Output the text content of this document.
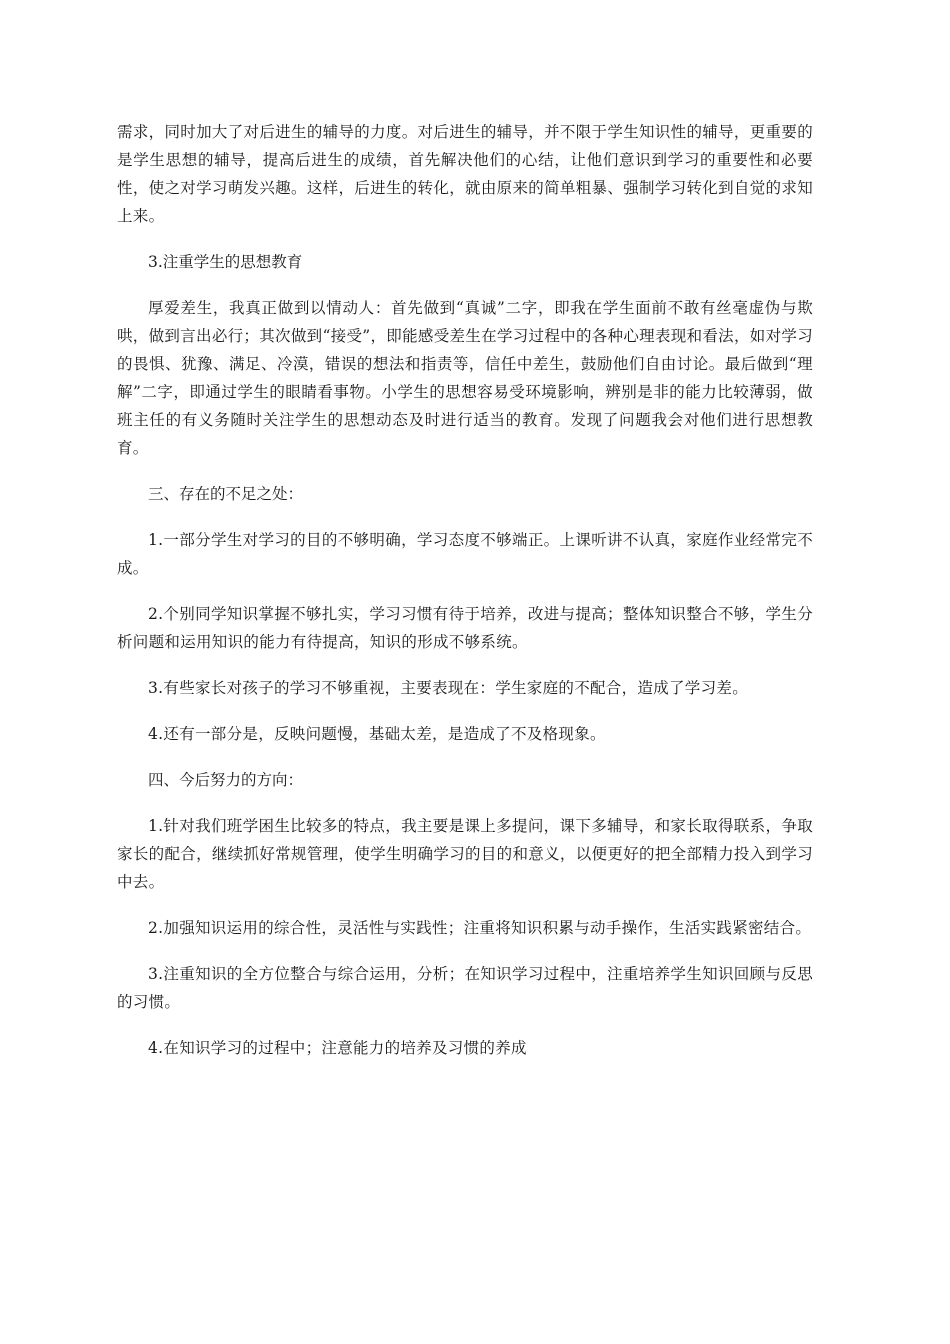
需求，同时加大了对后进生的辅导的力度。对后进生的辅导，并不限于学生知识性的辅导，更重要的是学生思想的辅导，提高后进生的成绩，首先解决他们的心结，让他们意识到学习的重要性和必要性，使之对学习萌发兴趣。这样，后进生的转化，就由原来的简单粗暴、强制学习转化到自觉的求知上来。

3.注重学生的思想教育

厚爱差生，我真正做到以情动人：首先做到“真诚”二字，即我在学生面前不敢有丝毫虚伪与欺哄，做到言出必行；其次做到“接受”，即能感受差生在学习过程中的各种心理表现和看法，如对学习的畏惧、犹豫、满足、冷漠，错误的想法和指责等，信任中差生，鼓励他们自由讨论。最后做到“理解”二字，即通过学生的眼睛看事物。小学生的思想容易受环境影响，辨别是非的能力比较薄弱，做班主任的有义务随时关注学生的思想动态及时进行适当的教育。发现了问题我会对他们进行思想教育。

三、存在的不足之处：

1.一部分学生对学习的目的不够明确，学习态度不够端正。上课听讲不认真，家庭作业经常完不成。

2.个别同学知识掌握不够扎实，学习习惯有待于培养，改进与提高；整体知识整合不够，学生分析问题和运用知识的能力有待提高，知识的形成不够系统。

3.有些家长对孩子的学习不够重视，主要表现在：学生家庭的不配合，造成了学习差。

4.还有一部分是，反映问题慢，基础太差，是造成了不及格现象。

四、今后努力的方向：

1.针对我们班学困生比较多的特点，我主要是课上多提问，课下多辅导，和家长取得联系，争取家长的配合，继续抓好常规管理，使学生明确学习的目的和意义，以便更好的把全部精力投入到学习中去。

2.加强知识运用的综合性，灵活性与实践性；注重将知识积累与动手操作，生活实践紧密结合。

3.注重知识的全方位整合与综合运用，分析；在知识学习过程中，注重培养学生知识回顾与反思的习惯。

4.在知识学习的过程中；注意能力的培养及习惯的养成
